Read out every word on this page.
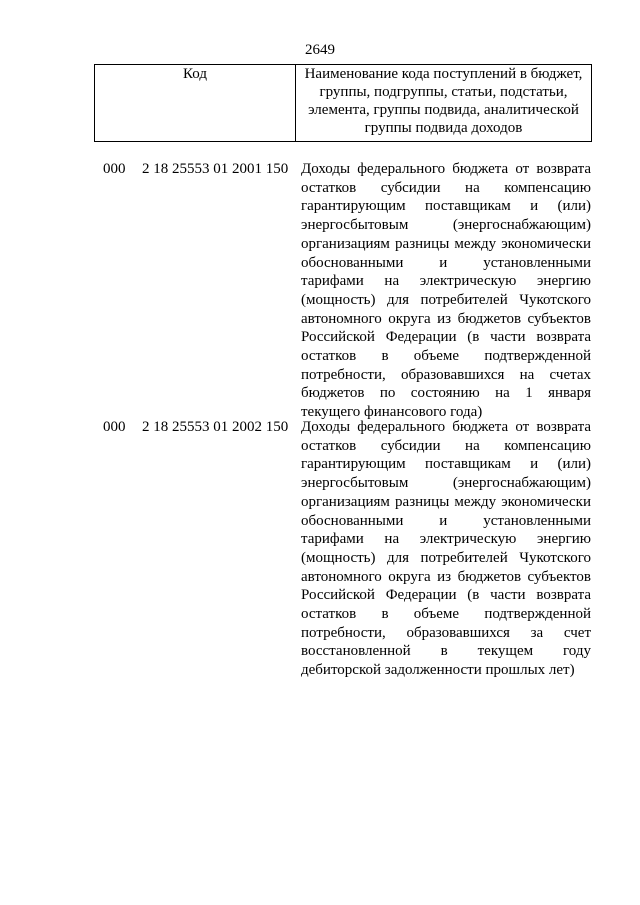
2649
Код	Наименование кода поступлений в бюджет, группы, подгруппы, статьи, подстатьи, элемента, группы подвида, аналитической группы подвида доходов
000 2 18 25553 01 2001 150 Доходы федерального бюджета от возврата остатков субсидии на компенсацию гарантирующим поставщикам и (или) энергосбытовым (энергоснабжающим) организациям разницы между экономически обоснованными и установленными тарифами на электрическую энергию (мощность) для потребителей Чукотского автономного округа из бюджетов субъектов Российской Федерации (в части возврата остатков в объеме подтвержденной потребности, образовавшихся на счетах бюджетов по состоянию на 1 января текущего финансового года)
000 2 18 25553 01 2002 150 Доходы федерального бюджета от возврата остатков субсидии на компенсацию гарантирующим поставщикам и (или) энергосбытовым (энергоснабжающим) организациям разницы между экономически обоснованными и установленными тарифами на электрическую энергию (мощность) для потребителей Чукотского автономного округа из бюджетов субъектов Российской Федерации (в части возврата остатков в объеме подтвержденной потребности, образовавшихся за счет восстановленной в текущем году дебиторской задолженности прошлых лет)
